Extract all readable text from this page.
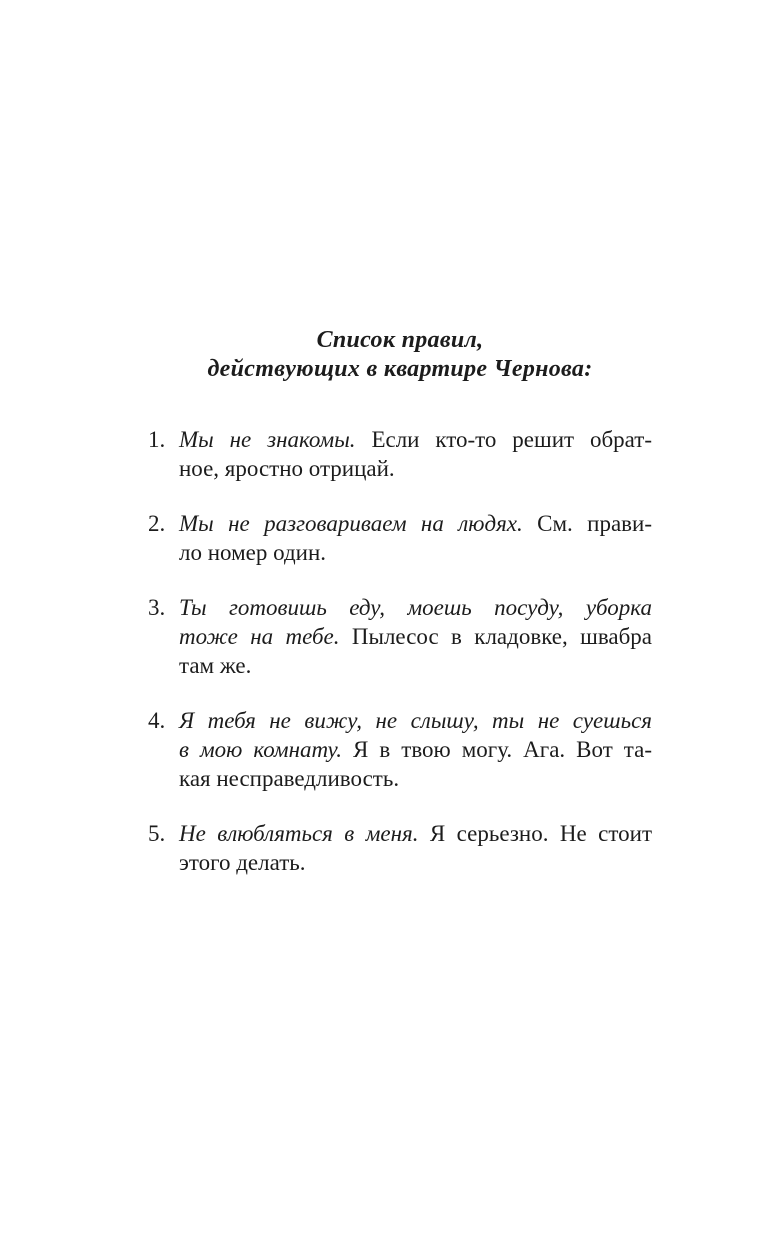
Список правил,
действующих в квартире Чернова:
1. Мы не знакомы. Если кто-то решит обрат-
ное, яростно отрицай.
2. Мы не разговариваем на людях. См. прави-
ло номер один.
3. Ты готовишь еду, моешь посуду, уборка
тоже на тебе. Пылесос в кладовке, швабра
там же.
4. Я тебя не вижу, не слышу, ты не суешься
в мою комнату. Я в твою могу. Ага. Вот та-
кая несправедливость.
5. Не влюбляться в меня. Я серьезно. Не стоит
этого делать.
